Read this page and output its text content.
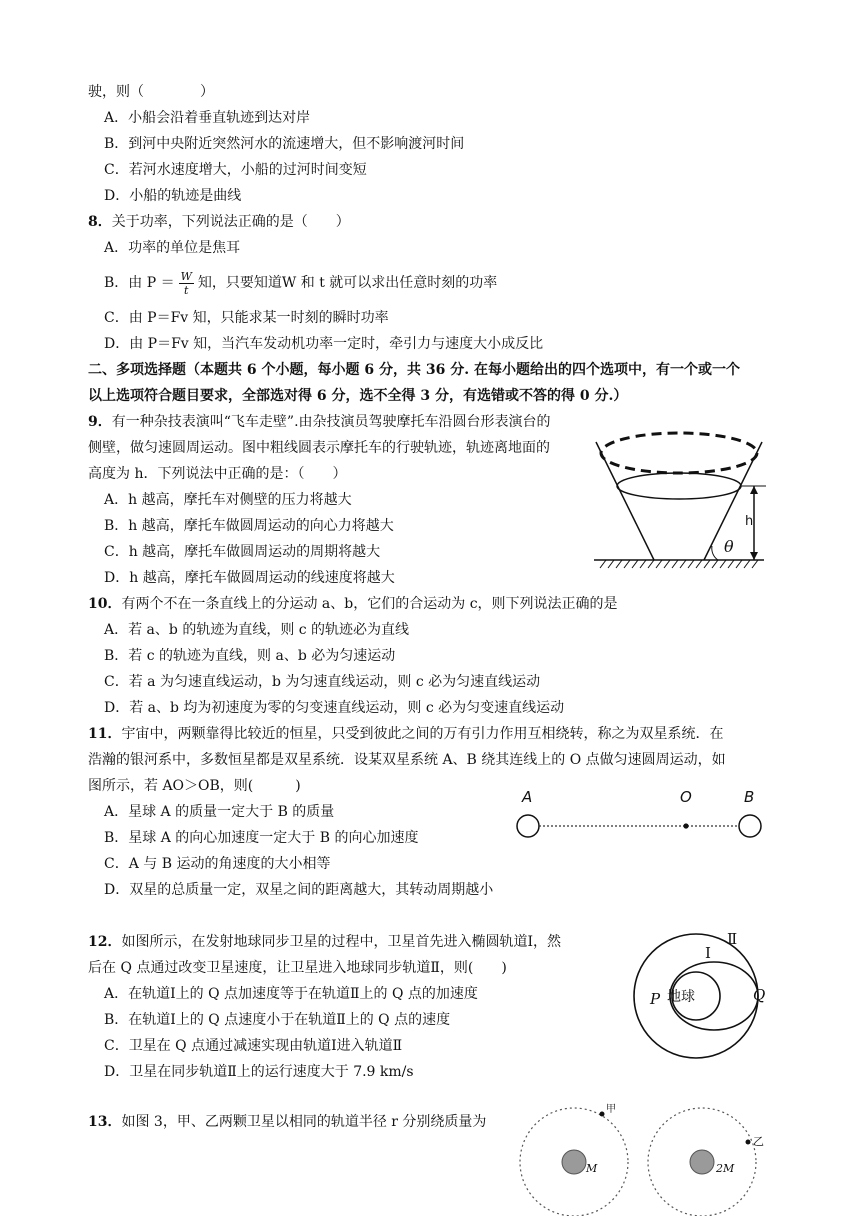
驶，则（　　　　）
A．小船会沿着垂直轨迹到达对岸
B．到河中央附近突然河水的流速增大，但不影响渡河时间
C．若河水速度增大，小船的过河时间变短
D．小船的轨迹是曲线
8．关于功率，下列说法正确的是（　　）
A．功率的单位是焦耳
B．由 $P = \frac{W}{t}$ 知，只要知道W 和 t 就可以求出任意时刻的功率
C．由 P＝Fv 知，只能求某一时刻的瞬时功率
D．由 P＝Fv 知，当汽车发动机功率一定时，牵引力与速度大小成反比
二、多项选择题（本题共 6 个小题，每小题 6 分，共 36 分. 在每小题给出的四个选项中，有一个或一个
以上选项符合题目要求，全部选对得 6 分，选不全得 3 分，有选错或不答的得 0 分.）
9．有一种杂技表演叫“飞车走壁”.由杂技演员驾驶摩托车沿圆台形表演台的
侧壁，做匀速圆周运动。图中粗线圆表示摩托车的行驶轨迹，轨迹离地面的
高度为 h．下列说法中正确的是：（　　）
A．h 越高，摩托车对侧壁的压力将越大
B．h 越高，摩托车做圆周运动的向心力将越大
C．h 越高，摩托车做圆周运动的周期将越大
D．h 越高，摩托车做圆周运动的线速度将越大
h
θ
10．有两个不在一条直线上的分运动 a、b，它们的合运动为 c，则下列说法正确的是
A．若 a、b 的轨迹为直线，则 c 的轨迹必为直线
B．若 c 的轨迹为直线，则 a、b 必为匀速运动
C．若 a 为匀速直线运动，b 为匀速直线运动，则 c 必为匀速直线运动
D．若 a、b 均为初速度为零的匀变速直线运动，则 c 必为匀变速直线运动
11．宇宙中，两颗靠得比较近的恒星，只受到彼此之间的万有引力作用互相绕转，称之为双星系统．在
浩瀚的银河系中，多数恒星都是双星系统．设某双星系统 A、B 绕其连线上的 O 点做匀速圆周运动，如
图所示，若 AO＞OB，则(　　　)
A．星球 A 的质量一定大于 B 的质量
B．星球 A 的向心加速度一定大于 B 的向心加速度
C．A 与 B 运动的角速度的大小相等
D．双星的总质量一定，双星之间的距离越大，其转动周期越小
A	O	B
12．如图所示，在发射地球同步卫星的过程中，卫星首先进入椭圆轨道Ⅰ，然
后在 Q 点通过改变卫星速度，让卫星进入地球同步轨道Ⅱ，则(　　)
A．在轨道Ⅰ上的 Q 点加速度等于在轨道Ⅱ上的 Q 点的加速度
B．在轨道Ⅰ上的 Q 点速度小于在轨道Ⅱ上的 Q 点的速度
C．卫星在 Q 点通过减速实现由轨道Ⅰ进入轨道Ⅱ
D．卫星在同步轨道Ⅱ上的运行速度大于 7.9 km/s
地球
P	Q
Ⅰ
Ⅱ
13．如图 3，甲、乙两颗卫星以相同的轨道半径 r 分别绕质量为
甲
乙
M	2M
